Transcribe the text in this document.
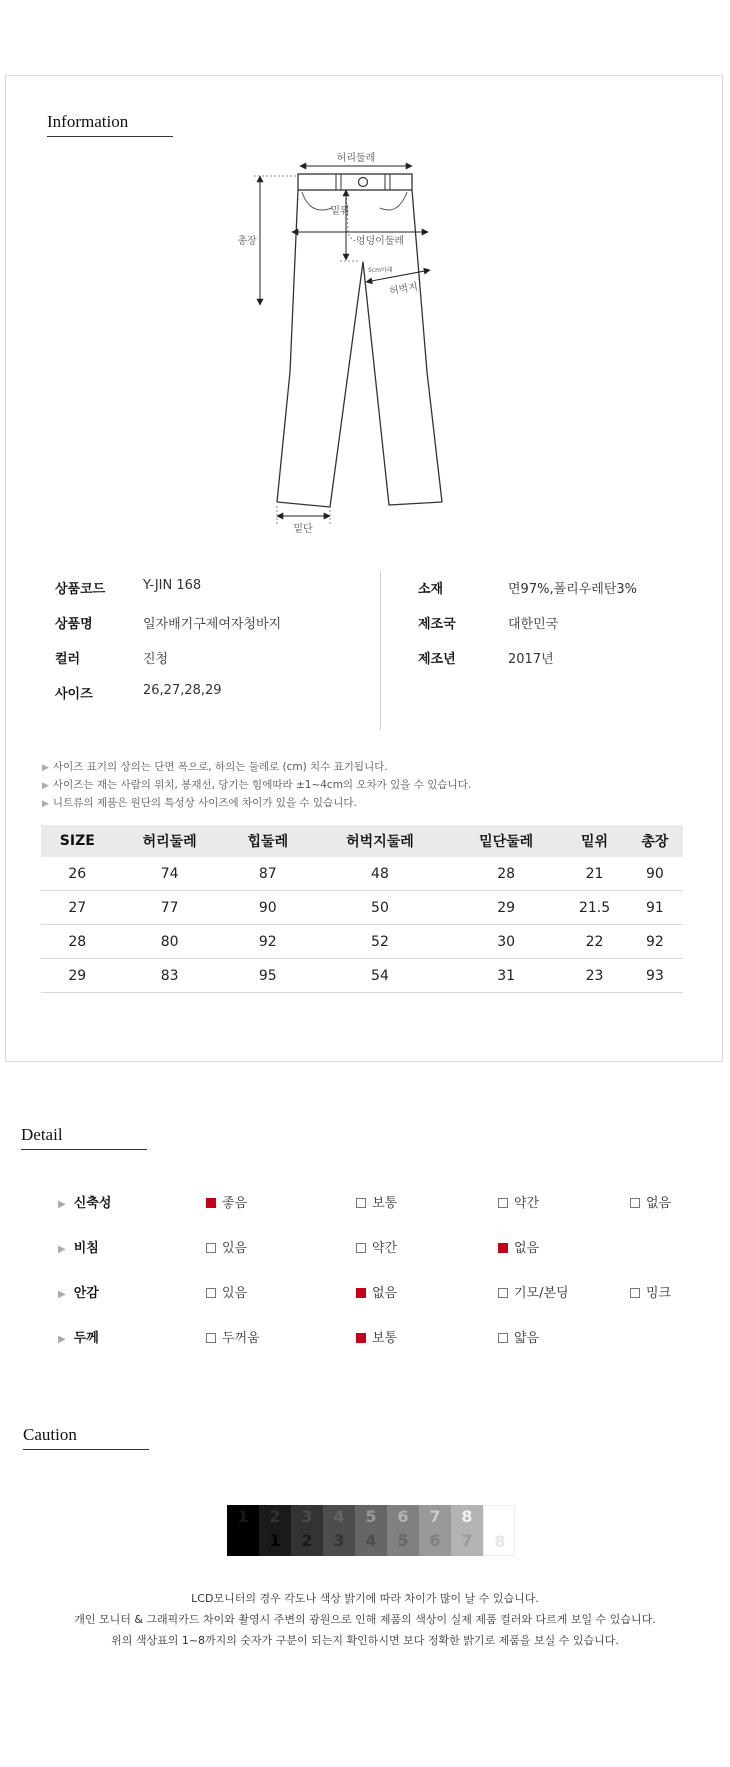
Information
허리둘레
엉덩이둘레
밑위
총장
5cm아래
허벅지
밑단
상품코드	Y-JIN 168
상품명	일자배기구제여자청바지
컬러	진청
사이즈	26,27,28,29
소재	면97%,폴리우레탄3%
제조국	대한민국
제조년	2017년
▶ 사이즈 표기의 상의는 단면 폭으로, 하의는 둘레로 (cm) 치수 표기됩니다.
▶ 사이즈는 재는 사람의 위치, 봉재선, 당기는 힘에따라 ±1~4cm의 오차가 있을 수 있습니다.
▶ 니트류의 제품은 원단의 특성상 사이즈에 차이가 있을 수 있습니다.
SIZE	허리둘레	힙둘레	허벅지둘레	밑단둘레	밑위	총장
26	74	87	48	28	21	90
27	77	90	50	29	21.5	91
28	80	92	52	30	22	92
29	83	95	54	31	23	93
Detail
▶ 신축성	좋음	보통	약간	없음
▶ 비침	있음	약간	없음
▶ 안감	있음	없음	기모/본딩	밍크
▶ 두께	두꺼움	보통	얇음
Caution
1	2
1
3
2
4
3
5
4
6
5
7
6
8
7	8
LCD모니터의 경우 각도나 색상 밝기에 따라 차이가 많이 날 수 있습니다.
개인 모니터 & 그래픽카드 차이와 촬영시 주변의 광원으로 인해 제품의 색상이 실제 제품 컬러와 다르게 보일 수 있습니다.
위의 색상표의 1~8까지의 숫자가 구분이 되는지 확인하시면 보다 정확한 밝기로 제품을 보실 수 있습니다.
